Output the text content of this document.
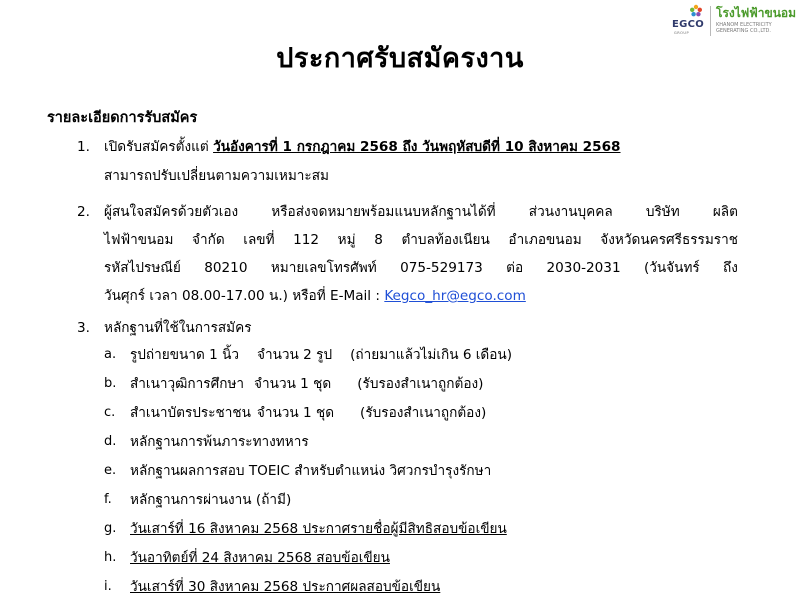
EGCO
GROUP
โรงไฟฟ้าขนอม
KHANOM ELECTRICITY
GENERATING CO.,LTD.
ประกาศรับสมัครงาน
รายละเอียดการรับสมัคร
1. เปิดรับสมัครตั้งแต่ วันอังคารที่ 1 กรกฎาคม 2568 ถึง วันพฤหัสบดีที่ 10 สิงหาคม 2568
สามารถปรับเปลี่ยนตามความเหมาะสม
2. ผู้สนใจสมัครด้วยตัวเอง หรือส่งจดหมายพร้อมแนบหลักฐานได้ที่ ส่วนงานบุคคล บริษัท ผลิต
ไฟฟ้าขนอม จำกัด เลขที่ 112 หมู่ 8 ตำบลท้องเนียน อำเภอขนอม จังหวัดนครศรีธรรมราช
รหัสไปรษณีย์ 80210 หมายเลขโทรศัพท์ 075-529173 ต่อ 2030-2031 (วันจันทร์ ถึง
วันศุกร์ เวลา 08.00-17.00 น.) หรือที่ E-Mail : Kegco_hr@egco.com
3. หลักฐานที่ใช้ในการสมัคร
a. รูปถ่ายขนาด 1 นิ้ว จำนวน 2 รูป (ถ่ายมาแล้วไม่เกิน 6 เดือน)
b. สำเนาวุฒิการศึกษา จำนวน 1 ชุด (รับรองสำเนาถูกต้อง)
c. สำเนาบัตรประชาชน จำนวน 1 ชุด (รับรองสำเนาถูกต้อง)
d. หลักฐานการพ้นภาระทางทหาร
e. หลักฐานผลการสอบ TOEIC สำหรับตำแหน่ง วิศวกรบำรุงรักษา
f. หลักฐานการผ่านงาน (ถ้ามี)
g. วันเสาร์ที่ 16 สิงหาคม 2568 ประกาศรายชื่อผู้มีสิทธิสอบข้อเขียน
h. วันอาทิตย์ที่ 24 สิงหาคม 2568 สอบข้อเขียน
i. วันเสาร์ที่ 30 สิงหาคม 2568 ประกาศผลสอบข้อเขียน
